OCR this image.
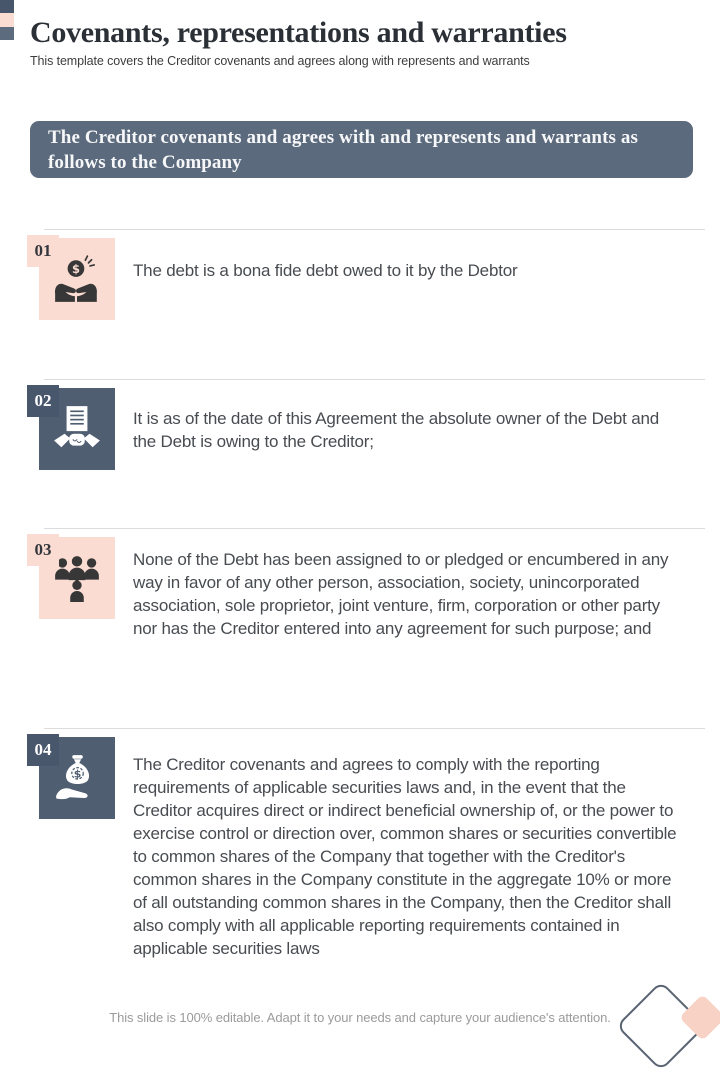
Covenants, representations and warranties

This template covers the Creditor covenants and agrees along with represents and warrants

The Creditor covenants and agrees with and represents and warrants as follows to the Company
01
$	The debt is a bona fide debt owed to it by the Debtor

02

It is as of the date of this Agreement the absolute owner of the Debt and the Debt is owing to the Creditor;

03

None of the Debt has been assigned to or pledged or encumbered in any way in favor of any other person, association, society, unincorporated association, sole proprietor, joint venture, firm, corporation or other party nor has the Creditor entered into any agreement for such purpose; and

04
$	The Creditor covenants and agrees to comply with the reporting requirements of applicable securities laws and, in the event that the Creditor acquires direct or indirect beneficial ownership of, or the power to exercise control or direction over, common shares or securities convertible to common shares of the Company that together with the Creditor's common shares in the Company constitute in the aggregate 10% or more of all outstanding common shares in the Company, then the Creditor shall also comply with all applicable reporting requirements contained in applicable securities laws

This slide is 100% editable. Adapt it to your needs and capture your audience's attention.
